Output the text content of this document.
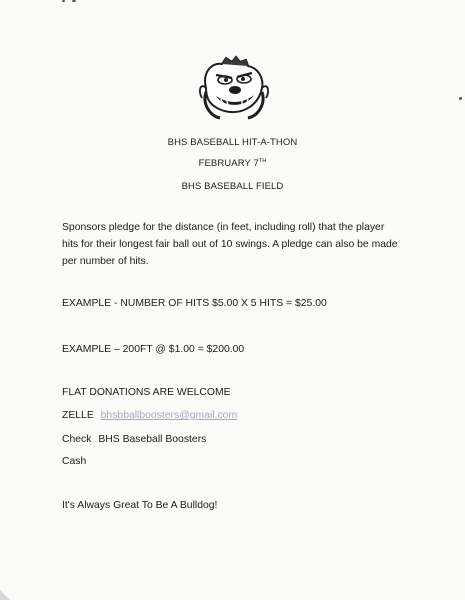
BHS BASEBALL HIT-A-THON
FEBRUARY 7TH
BHS BASEBALL FIELD

Sponsors pledge for the distance (in feet, including roll) that the player hits for their longest fair ball out of 10 swings. A pledge can also be made per number of hits.

EXAMPLE - NUMBER OF HITS $5.00 X 5 HITS = $25.00
EXAMPLE – 200FT @ $1.00 = $200.00
FLAT DONATIONS ARE WELCOME
ZELLE bhsbballboosters@gmail.com
Check BHS Baseball Boosters
Cash
It's Always Great To Be A Bulldog!
